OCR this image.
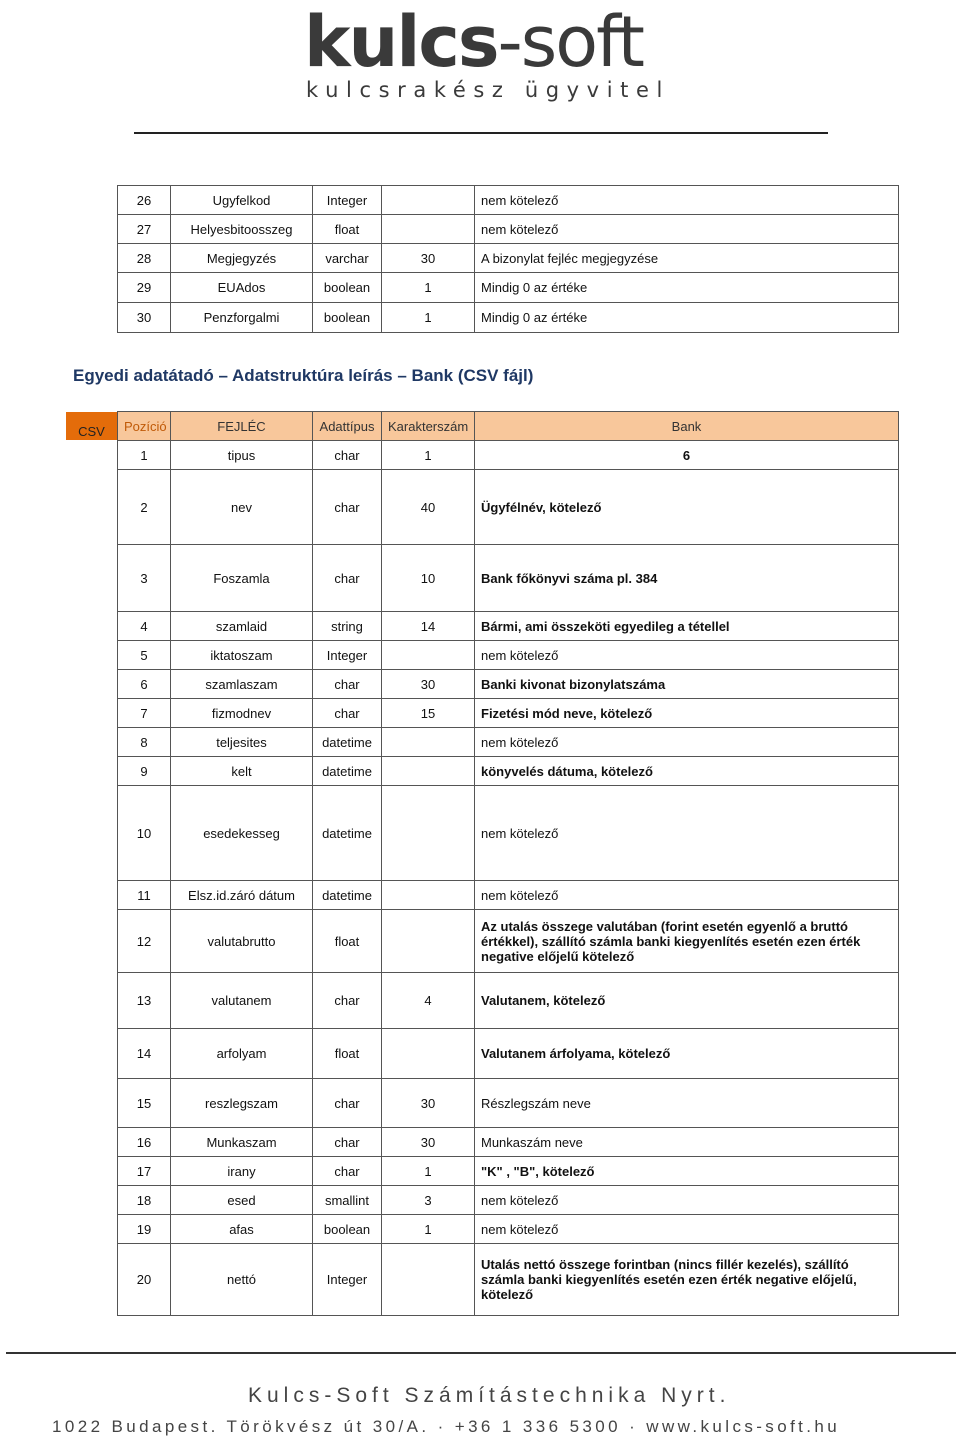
kulcs-soft
kulcsrakész ügyvitel
26	Ugyfelkod	Integer		nem kötelező
27	Helyesbitoosszeg	float		nem kötelező
28	Megjegyzés	varchar	30	A bizonylat fejléc megjegyzése
29	EUAdos	boolean	1	Mindig 0 az értéke
30	Penzforgalmi	boolean	1	Mindig 0 az értéke
Egyedi adatátadó – Adatstruktúra leírás – Bank (CSV fájl)
CSV	Pozíció	FEJLÉC	Adattípus	Karakterszám	Bank
1	tipus	char	1	6
2	nev	char	40	Ügyfélnév, kötelező
3	Foszamla	char	10	Bank főkönyvi száma pl. 384
4	szamlaid	string	14	Bármi, ami összeköti egyedileg a tétellel
5	iktatoszam	Integer		nem kötelező
6	szamlaszam	char	30	Banki kivonat bizonylatszáma
7	fizmodnev	char	15	Fizetési mód neve, kötelező
8	teljesites	datetime		nem kötelező
9	kelt	datetime		könyvelés dátuma, kötelező
10	esedekesseg	datetime		nem kötelező
11	Elsz.id.záró dátum	datetime		nem kötelező
12	valutabrutto	float		Az utalás összege valutában (forint esetén egyenlő a bruttó értékkel), szállító számla banki kiegyenlítés esetén ezen érték negative előjelű kötelező
13	valutanem	char	4	Valutanem, kötelező
14	arfolyam	float		Valutanem árfolyama, kötelező
15	reszlegszam	char	30	Részlegszám neve
16	Munkaszam	char	30	Munkaszám neve
17	irany	char	1	"K" , "B", kötelező
18	esed	smallint	3	nem kötelező
19	afas	boolean	1	nem kötelező
20	nettó	Integer		Utalás nettó összege forintban (nincs fillér kezelés), szállító számla banki kiegyenlítés esetén ezen érték negative előjelű, kötelező
Kulcs-Soft Számítástechnika Nyrt.
1022 Budapest. Törökvész út 30/A. · +36 1 336 5300 · www.kulcs-soft.hu
